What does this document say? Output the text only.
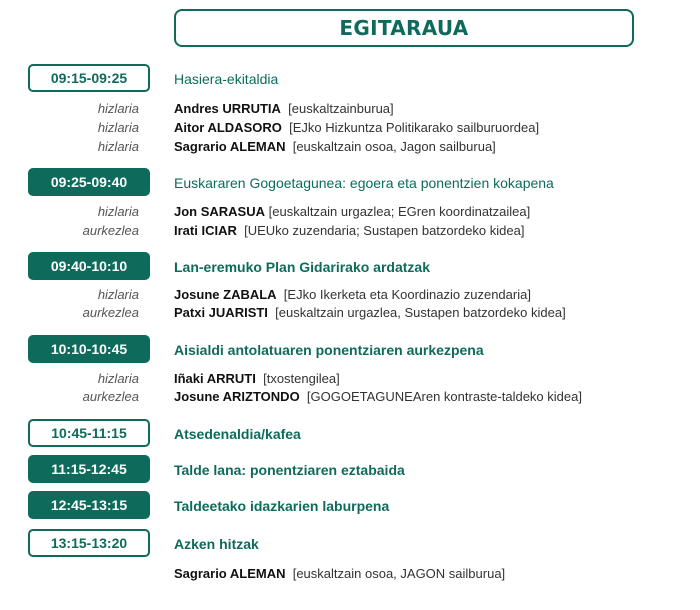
EGITARAUA
09:15-09:25	Hasiera-ekitaldia
hizlaria	Andres URRUTIA [euskaltzainburua]
hizlaria	Aitor ALDASORO [EJko Hizkuntza Politikarako sailburuordea]
hizlaria	Sagrario ALEMAN [euskaltzain osoa, Jagon sailburua]
09:25-09:40	Euskararen Gogoetagunea: egoera eta ponentzien kokapena
hizlaria	Jon SARASUA [euskaltzain urgazlea; EGren koordinatzailea]
aurkezlea	Irati ICIAR [UEUko zuzendaria; Sustapen batzordeko kidea]
09:40-10:10	Lan-eremuko Plan Gidarirako ardatzak
hizlaria	Josune ZABALA [EJko Ikerketa eta Koordinazio zuzendaria]
aurkezlea	Patxi JUARISTI [euskaltzain urgazlea, Sustapen batzordeko kidea]
10:10-10:45	Aisialdi antolatuaren ponentziaren aurkezpena
hizlaria	Iñaki ARRUTI [txostengilea]
aurkezlea	Josune ARIZTONDO [GOGOETAGUNEAren kontraste-taldeko kidea]
10:45-11:15	Atsedenaldia/kafea
11:15-12:45	Talde lana: ponentziaren eztabaida
12:45-13:15	Taldeetako idazkarien laburpena
13:15-13:20	Azken hitzak
Sagrario ALEMAN [euskaltzain osoa, JAGON sailburua]
